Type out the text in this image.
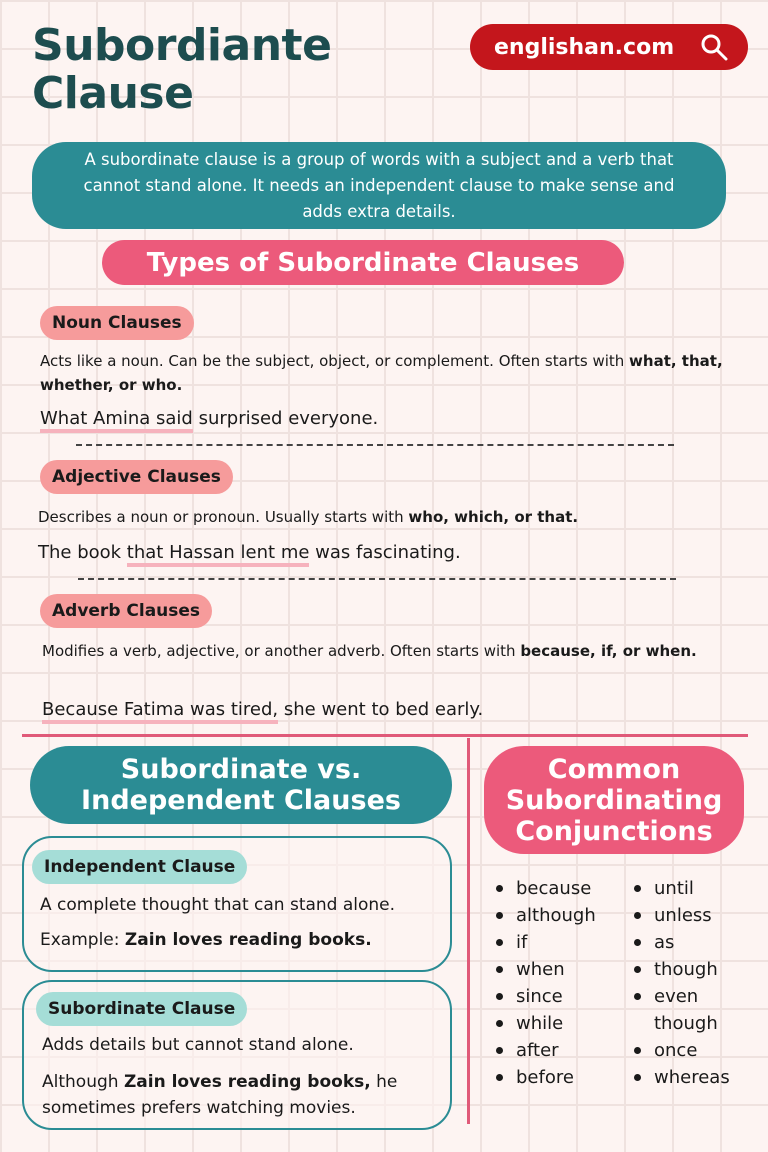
Subordiante Clause
englishan.com
A subordinate clause is a group of words with a subject and a verb that cannot stand alone. It needs an independent clause to make sense and adds extra details.
Types of Subordinate Clauses
Noun Clauses
Acts like a noun. Can be the subject, object, or complement. Often starts with what, that, whether, or who.
What Amina said surprised everyone.
Adjective Clauses
Describes a noun or pronoun. Usually starts with who, which, or that.
The book that Hassan lent me was fascinating.
Adverb Clauses
Modifies a verb, adjective, or another adverb. Often starts with because, if, or when.
Because Fatima was tired, she went to bed early.
Subordinate vs. Independent Clauses
Independent Clause
A complete thought that can stand alone.
Example: Zain loves reading books.
Subordinate Clause
Adds details but cannot stand alone.
Although Zain loves reading books, he sometimes prefers watching movies.
Common Subordinating Conjunctions
because
although
if
when
since
while
after
before
until
unless
as
though
even though
once
whereas
